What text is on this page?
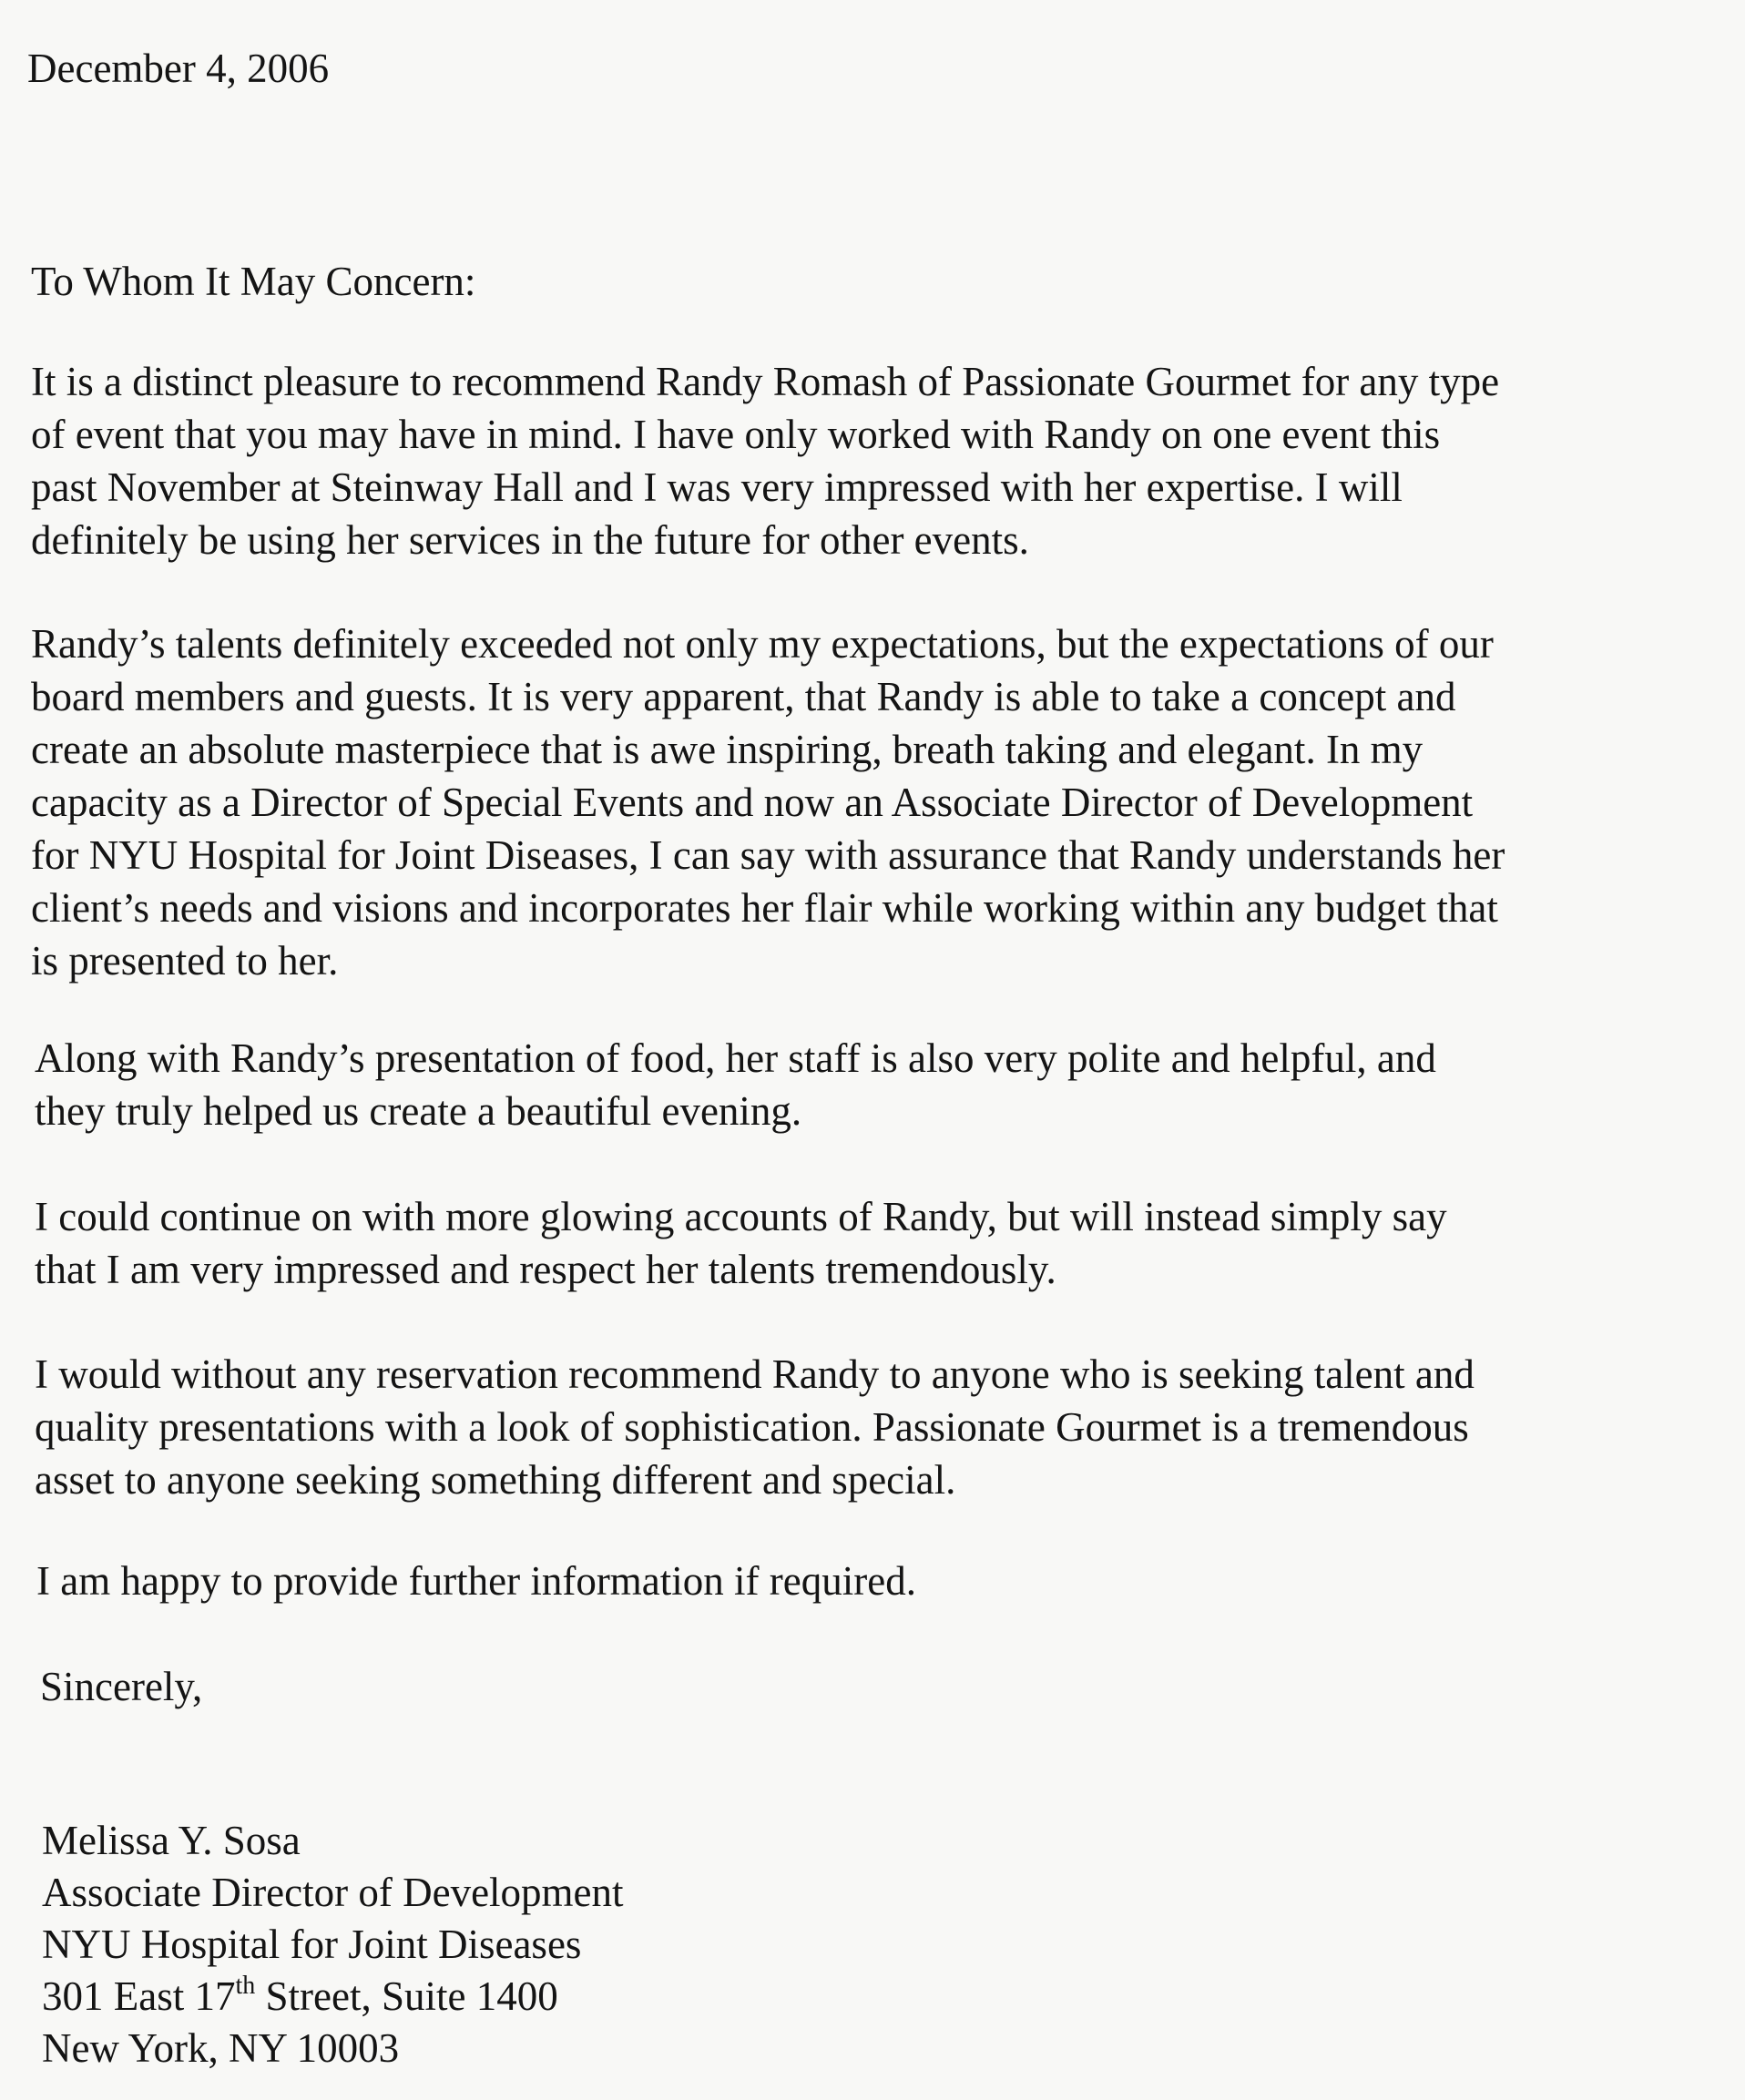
December 4, 2006
To Whom It May Concern:

It is a distinct pleasure to recommend Randy Romash of Passionate Gourmet for any type
of event that you may have in mind. I have only worked with Randy on one event this
past November at Steinway Hall and I was very impressed with her expertise. I will
definitely be using her services in the future for other events.

Randy’s talents definitely exceeded not only my expectations, but the expectations of our
board members and guests. It is very apparent, that Randy is able to take a concept and
create an absolute masterpiece that is awe inspiring, breath taking and elegant. In my
capacity as a Director of Special Events and now an Associate Director of Development
for NYU Hospital for Joint Diseases, I can say with assurance that Randy understands her
client’s needs and visions and incorporates her flair while working within any budget that
is presented to her.

Along with Randy’s presentation of food, her staff is also very polite and helpful, and
they truly helped us create a beautiful evening.

I could continue on with more glowing accounts of Randy, but will instead simply say
that I am very impressed and respect her talents tremendously.

I would without any reservation recommend Randy to anyone who is seeking talent and
quality presentations with a look of sophistication. Passionate Gourmet is a tremendous
asset to anyone seeking something different and special.

I am happy to provide further information if required.

Sincerely,
Melissa Y. Sosa
Associate Director of Development
NYU Hospital for Joint Diseases
301 East 17th Street, Suite 1400
New York, NY 10003
